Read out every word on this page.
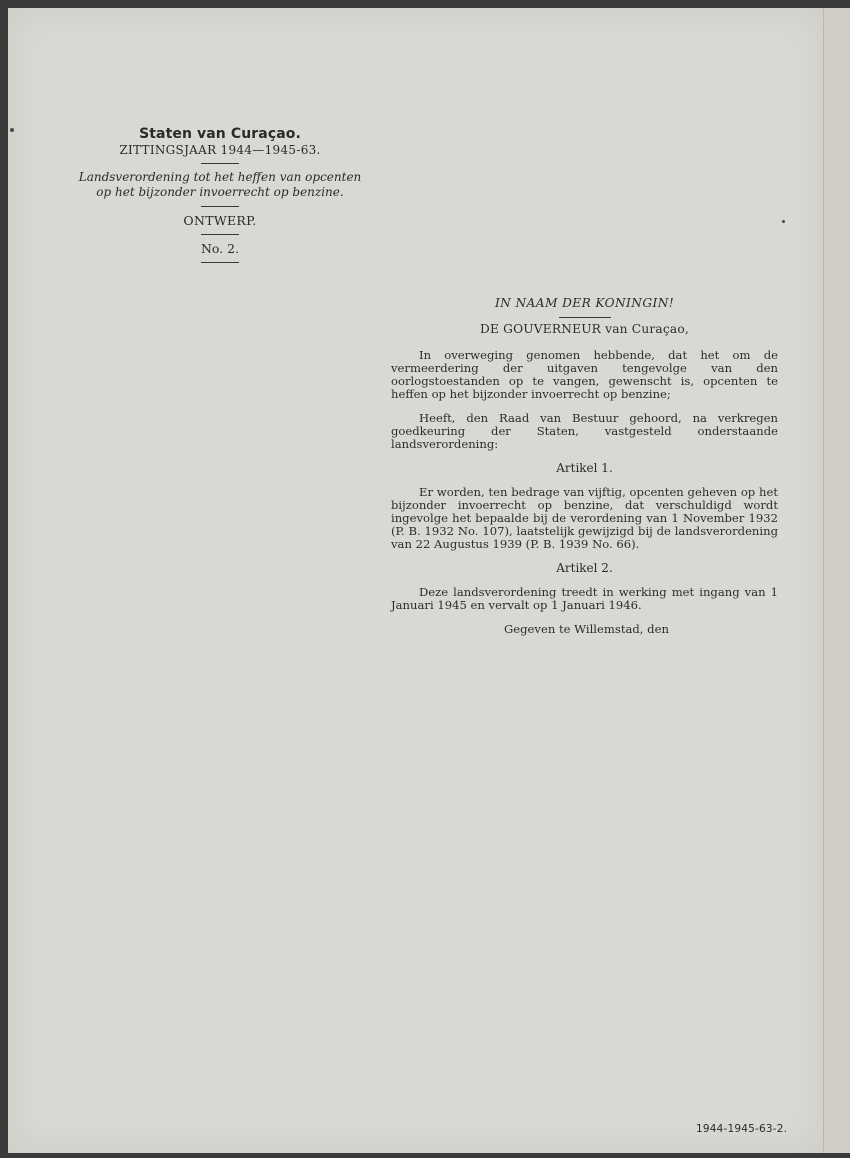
Staten van Curaçao.

ZITTINGSJAAR 1944—1945-63.

Landsverordening tot het heffen van opcenten

op het bijzonder invoerrecht op benzine.

ONTWERP.

No. 2.

IN NAAM DER KONINGIN!

DE GOUVERNEUR van Curaçao,

In overweging genomen hebbende, dat het om de vermeerdering der uitgaven tengevolge van den oorlogstoestanden op te vangen, gewenscht is, opcenten te heffen op het bijzonder invoerrecht op benzine;

Heeft, den Raad van Bestuur gehoord, na verkregen goedkeuring der Staten, vastgesteld onderstaande landsverordening:

Artikel 1.

Er worden, ten bedrage van vijftig, opcenten geheven op het bijzonder invoerrecht op benzine, dat verschuldigd wordt ingevolge het bepaalde bij de verordening van 1 November 1932 (P. B. 1932 No. 107), laatstelijk gewijzigd bij de landsverordening van 22 Augustus 1939 (P. B. 1939 No. 66).

Artikel 2.

Deze landsverordening treedt in werking met ingang van 1 Januari 1945 en vervalt op 1 Januari 1946.

Gegeven te Willemstad, den

1944-1945-63-2.
